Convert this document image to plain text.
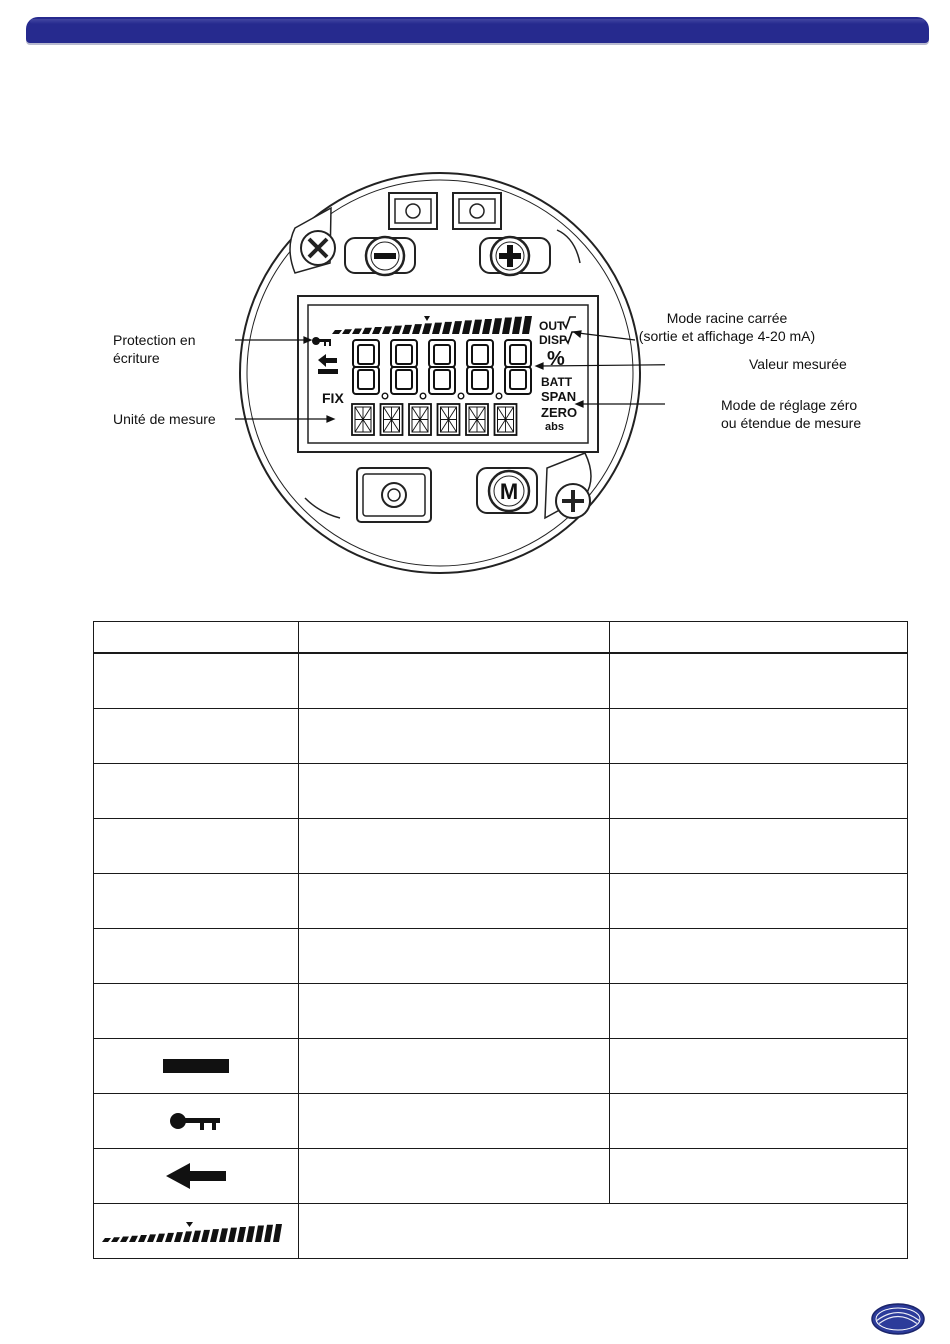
FIX
OUT
DISP
%
BATT
SPAN
ZERO
abs
M
Protection en
écriture
Unité de mesure
Mode racine carrée
(sortie et affichage 4-20 mA)
Valeur mesurée
Mode de réglage zéro
ou étendue de mesure
